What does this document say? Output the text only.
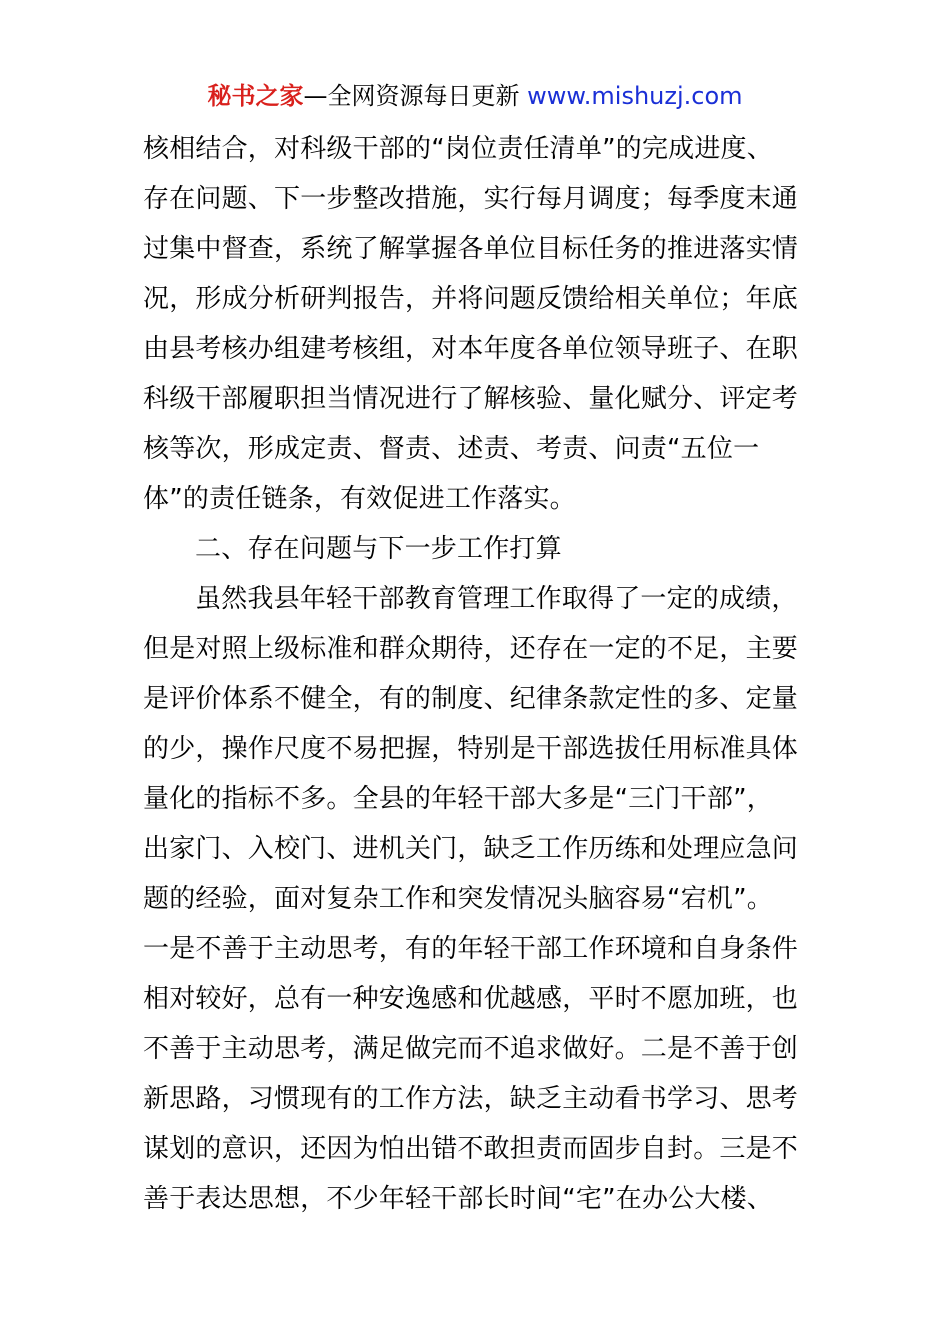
秘书之家—全网资源每日更新 www.mishuzj.com
核相结合，对科级干部的“岗位责任清单”的完成进度、
存在问题、下一步整改措施，实行每月调度；每季度末通
过集中督查，系统了解掌握各单位目标任务的推进落实情
况，形成分析研判报告，并将问题反馈给相关单位；年底
由县考核办组建考核组，对本年度各单位领导班子、在职
科级干部履职担当情况进行了解核验、量化赋分、评定考
核等次，形成定责、督责、述责、考责、问责“五位一
体”的责任链条，有效促进工作落实。
二、存在问题与下一步工作打算
虽然我县年轻干部教育管理工作取得了一定的成绩，
但是对照上级标准和群众期待，还存在一定的不足，主要
是评价体系不健全，有的制度、纪律条款定性的多、定量
的少，操作尺度不易把握，特别是干部选拔任用标准具体
量化的指标不多。全县的年轻干部大多是“三门干部”，
出家门、入校门、进机关门，缺乏工作历练和处理应急问
题的经验，面对复杂工作和突发情况头脑容易“宕机”。
一是不善于主动思考，有的年轻干部工作环境和自身条件
相对较好，总有一种安逸感和优越感，平时不愿加班，也
不善于主动思考，满足做完而不追求做好。二是不善于创
新思路，习惯现有的工作方法，缺乏主动看书学习、思考
谋划的意识，还因为怕出错不敢担责而固步自封。三是不
善于表达思想，不少年轻干部长时间“宅”在办公大楼、
